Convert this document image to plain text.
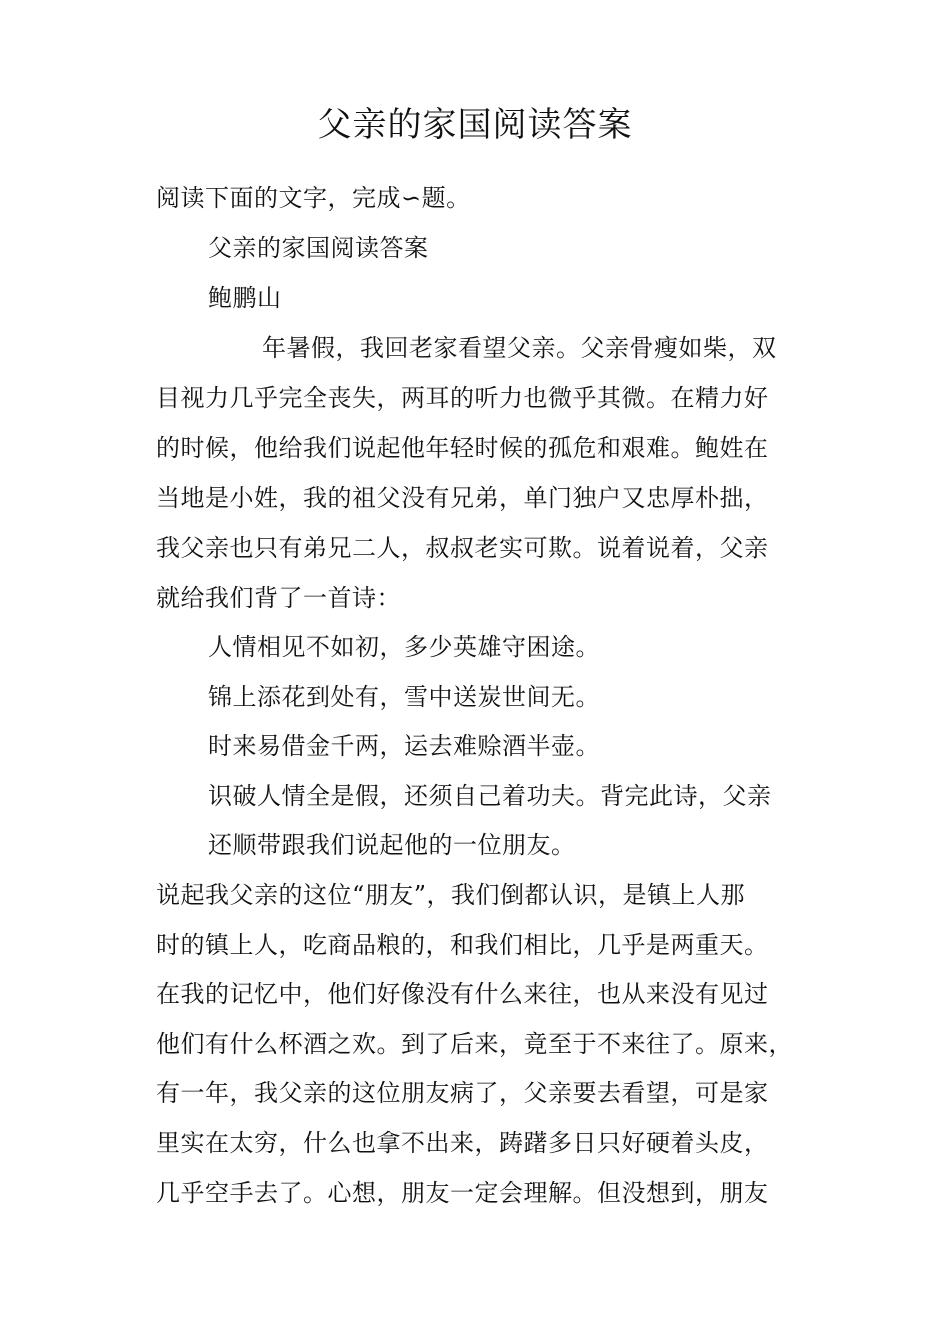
父亲的家国阅读答案
阅读下面的文字，完成∽题。
父亲的家国阅读答案
鲍鹏山
年暑假，我回老家看望父亲。父亲骨瘦如柴，双
目视力几乎完全丧失，两耳的听力也微乎其微。在精力好
的时候，他给我们说起他年轻时候的孤危和艰难。鲍姓在
当地是小姓，我的祖父没有兄弟，单门独户又忠厚朴拙，
我父亲也只有弟兄二人，叔叔老实可欺。说着说着，父亲
就给我们背了一首诗：
人情相见不如初，多少英雄守困途。
锦上添花到处有，雪中送炭世间无。
时来易借金千两，运去难赊酒半壶。
识破人情全是假，还须自己着功夫。背完此诗，父亲
还顺带跟我们说起他的一位朋友。
说起我父亲的这位“朋友”，我们倒都认识，是镇上人那
时的镇上人，吃商品粮的，和我们相比，几乎是两重天。
在我的记忆中，他们好像没有什么来往，也从来没有见过
他们有什么杯酒之欢。到了后来，竟至于不来往了。原来，
有一年，我父亲的这位朋友病了，父亲要去看望，可是家
里实在太穷，什么也拿不出来，踌躇多日只好硬着头皮，
几乎空手去了。心想，朋友一定会理解。但没想到，朋友
